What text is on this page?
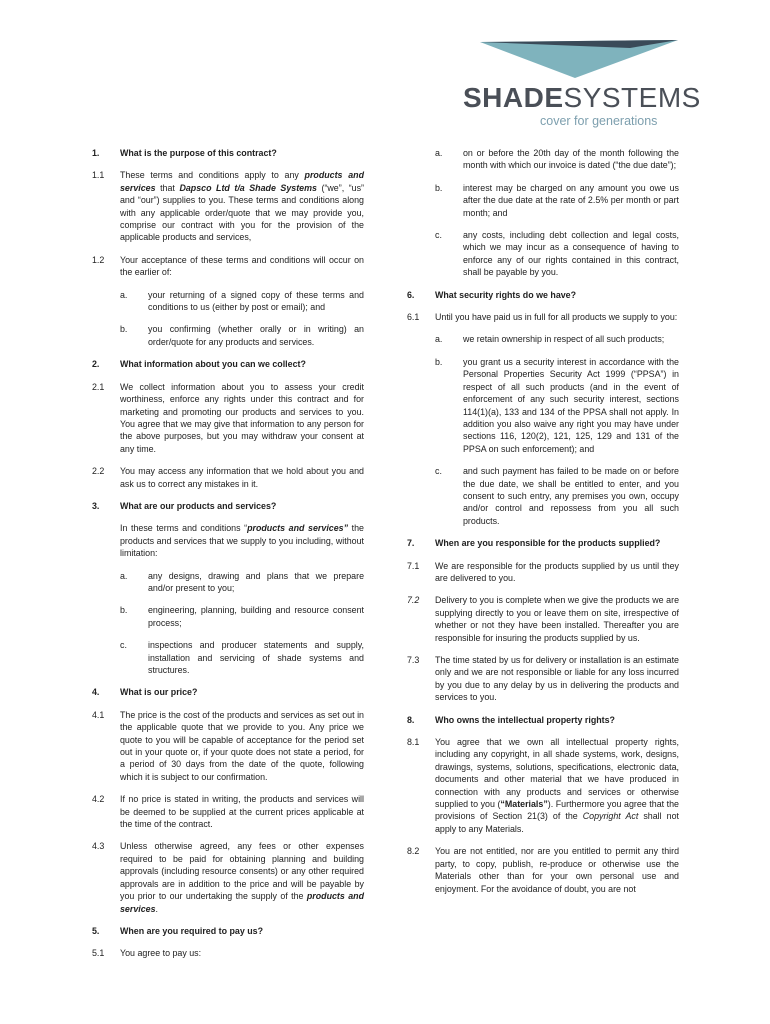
SHADESYSTEMS
cover for generations
1.	What is the purpose of this contract?
1.1	These terms and conditions apply to any products and services that Dapsco Ltd t/a Shade Systems (“we”, “us” and “our”) supplies to you. These terms and conditions along with any applicable order/quote that we may provide you, comprise our contract with you for the provision of the applicable products and services,
1.2	Your acceptance of these terms and conditions will occur on the earlier of:
a.	your returning of a signed copy of these terms and conditions to us (either by post or email); and
b.	you confirming (whether orally or in writing) an order/quote for any products and services.
2.	What information about you can we collect?
2.1	We collect information about you to assess your credit worthiness, enforce any rights under this contract and for marketing and promoting our products and services to you. You agree that we may give that information to any person for the above purposes, but you may withdraw your consent at any time.
2.2	You may access any information that we hold about you and ask us to correct any mistakes in it.
3.	What are our products and services?
In these terms and conditions “products and services” the products and services that we supply to you including, without limitation:
a.	any designs, drawing and plans that we prepare and/or present to you;
b.	engineering, planning, building and resource consent process;
c.	inspections and producer statements and supply, installation and servicing of shade systems and structures.
4.	What is our price?
4.1	The price is the cost of the products and services as set out in the applicable quote that we provide to you. Any price we quote to you will be capable of acceptance for the period set out in your quote or, if your quote does not state a period, for a period of 30 days from the date of the quote, following which it is subject to our confirmation.
4.2	If no price is stated in writing, the products and services will be deemed to be supplied at the current prices applicable at the time of the contract.
4.3	Unless otherwise agreed, any fees or other expenses required to be paid for obtaining planning and building approvals (including resource consents) or any other required approvals are in addition to the price and will be payable by you prior to our undertaking the supply of the products and services.
5.	When are you required to pay us?
5.1	You agree to pay us:
a.	on or before the 20th day of the month following the month with which our invoice is dated (“the due date”);
b.	interest may be charged on any amount you owe us after the due date at the rate of 2.5% per month or part month; and
c.	any costs, including debt collection and legal costs, which we may incur as a consequence of having to enforce any of our rights contained in this contract, shall be payable by you.
6.	What security rights do we have?
6.1	Until you have paid us in full for all products we supply to you:
a.	we retain ownership in respect of all such products;
b.	you grant us a security interest in accordance with the Personal Properties Security Act 1999 (“PPSA”) in respect of all such products (and in the event of enforcement of any such security interest, sections 114(1)(a), 133 and 134 of the PPSA shall not apply. In addition you also waive any right you may have under sections 116, 120(2), 121, 125, 129 and 131 of the PPSA on such enforcement); and
c.	and such payment has failed to be made on or before the due date, we shall be entitled to enter, and you consent to such entry, any premises you own, occupy and/or control and repossess from you all such products.
7.	When are you responsible for the products supplied?
7.1	We are responsible for the products supplied by us until they are delivered to you.
7.2	Delivery to you is complete when we give the products we are supplying directly to you or leave them on site, irrespective of whether or not they have been installed. Thereafter you are responsible for insuring the products supplied by us.
7.3	The time stated by us for delivery or installation is an estimate only and we are not responsible or liable for any loss incurred by you due to any delay by us in delivering the products and services to you.
8.	Who owns the intellectual property rights?
8.1	You agree that we own all intellectual property rights, including any copyright, in all shade systems, work, designs, drawings, systems, solutions, specifications, electronic data, documents and other material that we have produced in connection with any products and services or otherwise supplied to you (“Materials”). Furthermore you agree that the provisions of Section 21(3) of the Copyright Act shall not apply to any Materials.
8.2	You are not entitled, nor are you entitled to permit any third party, to copy, publish, re-produce or otherwise use the Materials other than for your own personal use and enjoyment. For the avoidance of doubt, you are not
